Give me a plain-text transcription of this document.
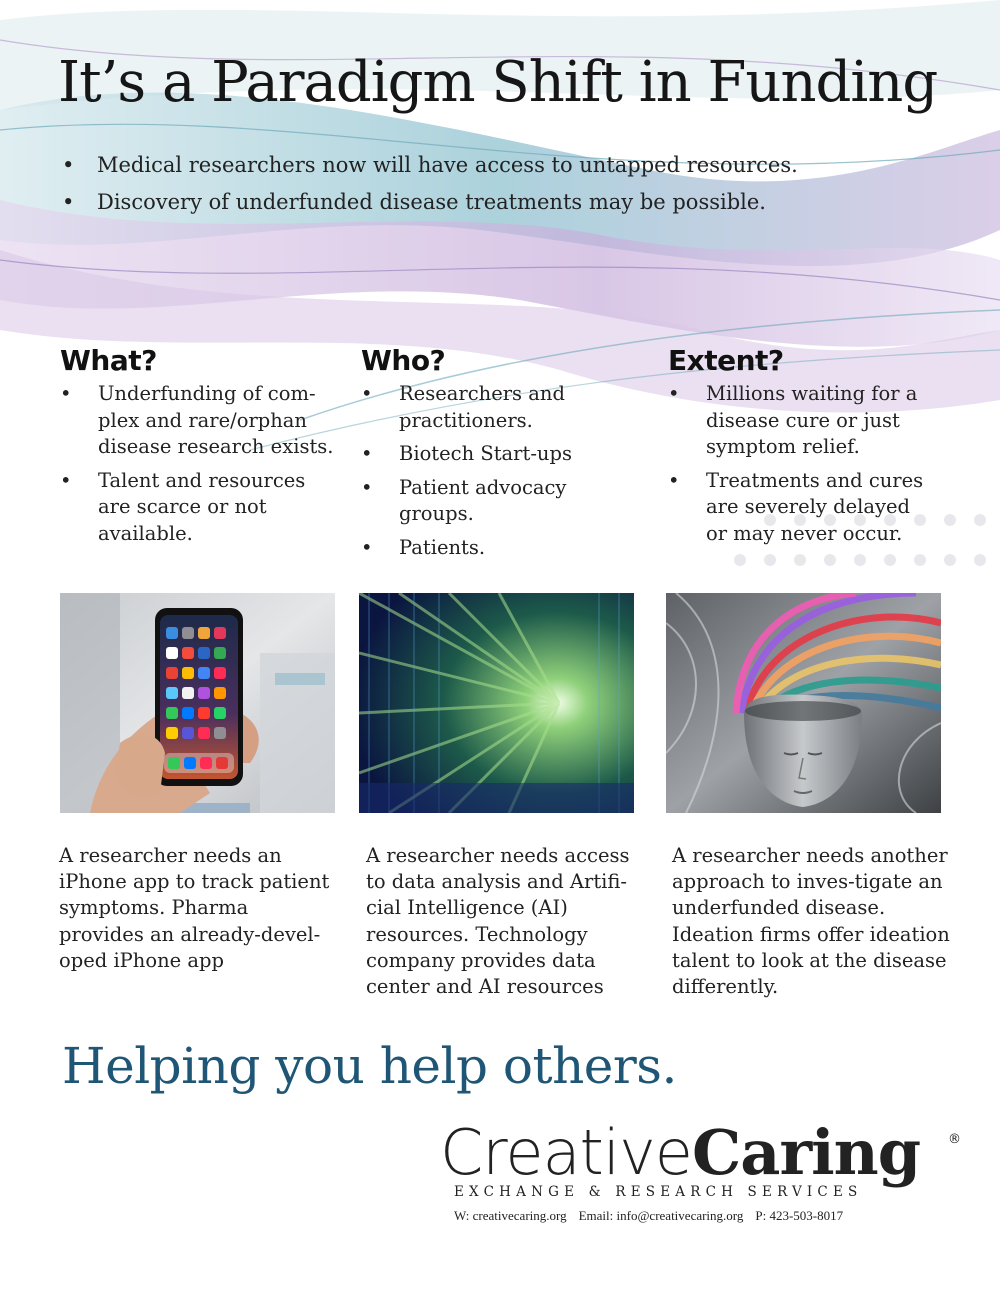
It’s a Paradigm Shift in Funding
• Medical researchers now will have access to untapped resources.
• Discovery of underfunded disease treatments may be possible.
What?
• Underfunding of com-plex and rare/orphan disease research exists.
• Talent and resources are scarce or not available.
Who?
• Researchers and practitioners.
• Biotech Start-ups
• Patient advocacy groups.
• Patients.
Extent?
• Millions waiting for a disease cure or just symptom relief.
• Treatments and cures are severely delayed or may never occur.
A researcher needs an iPhone app to track patient symptoms. Pharma provides an already-devel-oped iPhone app
A researcher needs access to data analysis and Artifi-cial Intelligence (AI) resources. Technology company provides data center and AI resources
A researcher needs another approach to inves-tigate an underfunded disease. Ideation firms offer ideation talent to look at the disease differently.
Helping you help others.
CreativeCaring	®
EXCHANGE & RESEARCH SERVICES
W: creativecaring.org Email: info@creativecaring.org P: 423-503-8017
